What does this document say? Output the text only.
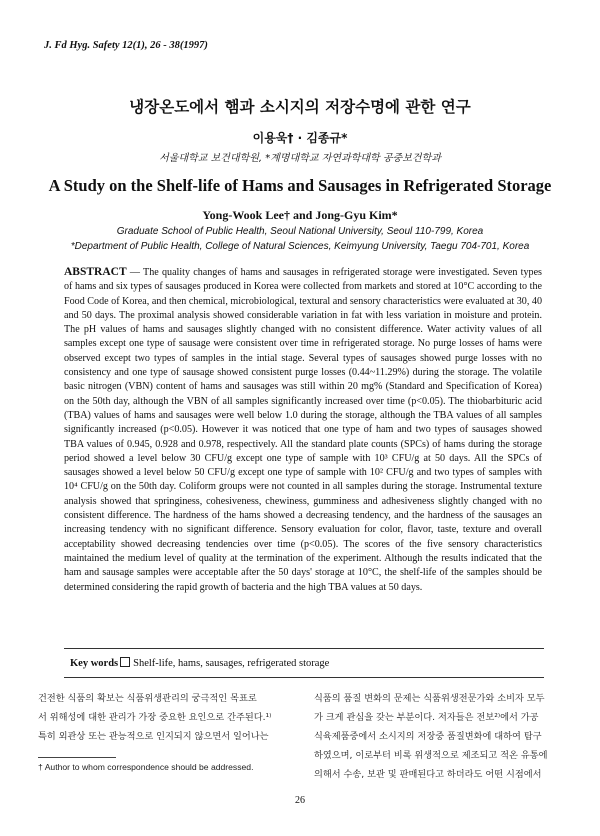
J. Fd Hyg. Safety 12(1), 26 - 38(1997)
냉장온도에서 햄과 소시지의 저장수명에 관한 연구
이용욱† · 김종규*
서울대학교 보건대학원, *계명대학교 자연과학대학 공중보건학과
A Study on the Shelf-life of Hams and Sausages in Refrigerated Storage
Yong-Wook Lee† and Jong-Gyu Kim*
Graduate School of Public Health, Seoul National University, Seoul 110-799, Korea
*Department of Public Health, College of Natural Sciences, Keimyung University, Taegu 704-701, Korea
ABSTRACT — The quality changes of hams and sausages in refrigerated storage were investigated. Seven types of hams and six types of sausages produced in Korea were collected from markets and stored at 10°C according to the Food Code of Korea, and then chemical, microbiological, textural and sensory characteristics were evaluated at 30, 40 and 50 days. The proximal analysis showed considerable variation in fat with less variation in moisture and protein. The pH values of hams and sausages slightly changed with no consistent difference. Water activity values of all samples except one type of sausage were consistent over time in refrigerated storage. No purge losses of hams were observed except two types of samples in the intial stage. Several types of sausages showed purge losses with no consistency and one type of sausage showed consistent purge losses (0.44~11.29%) during the storage. The volatile basic nitrogen (VBN) content of hams and sausages was still within 20 mg% (Standard and Specification of Korea) on the 50th day, although the VBN of all samples significantly increased over time (p<0.05). The thiobarbituric acid (TBA) values of hams and sausages were well below 1.0 during the storage, although the TBA values of all samples significantly increased (p<0.05). However it was noticed that one type of ham and two types of sausages showed TBA values of 0.945, 0.928 and 0.978, respectively. All the standard plate counts (SPCs) of hams during the storage period showed a level below 30 CFU/g except one type of sample with 10³ CFU/g at 50 days. All the SPCs of sausages showed a level below 50 CFU/g except one type of sample with 10² CFU/g and two types of samples with 10⁴ CFU/g on the 50th day. Coliform groups were not counted in all samples during the storage. Instrumental texture analysis showed that springiness, cohesiveness, chewiness, gumminess and adhesiveness slightly changed with no consistent difference. The hardness of the hams showed a decreasing tendency, and the hardness of the sausages an increasing tendency with no significant difference. Sensory evaluation for color, flavor, taste, texture and overall acceptability showed decreasing tendencies over time (p<0.05). The scores of the five sensory characteristics maintained the medium level of quality at the termination of the experiment. Although the results indicated that the ham and sausage samples were acceptable after the 50 days' storage at 10°C, the shelf-life of the samples should be determined considering the rapid growth of bacteria and the high TBA values at 50 days.
Key words Shelf-life, hams, sausages, refrigerated storage
건전한 식품의 확보는 식품위생관리의 궁극적인 목표로
서 위해성에 대한 관리가 가장 중요한 요인으로 간주된다.¹⁾
특히 외관상 또는 관능적으로 인지되지 않으면서 일어나는
식품의 품질 변화의 문제는 식품위생전문가와 소비자 모두
가 크게 관심을 갖는 부분이다. 저자들은 전보²⁾에서 가공
식육제품중에서 소시지의 저장중 품질변화에 대하여 탐구
하였으며, 이로부터 비록 위생적으로 제조되고 적온 유통에
의해서 수송, 보관 및 판매된다고 하더라도 어떤 시점에서
† Author to whom correspondence should be addressed.
26
